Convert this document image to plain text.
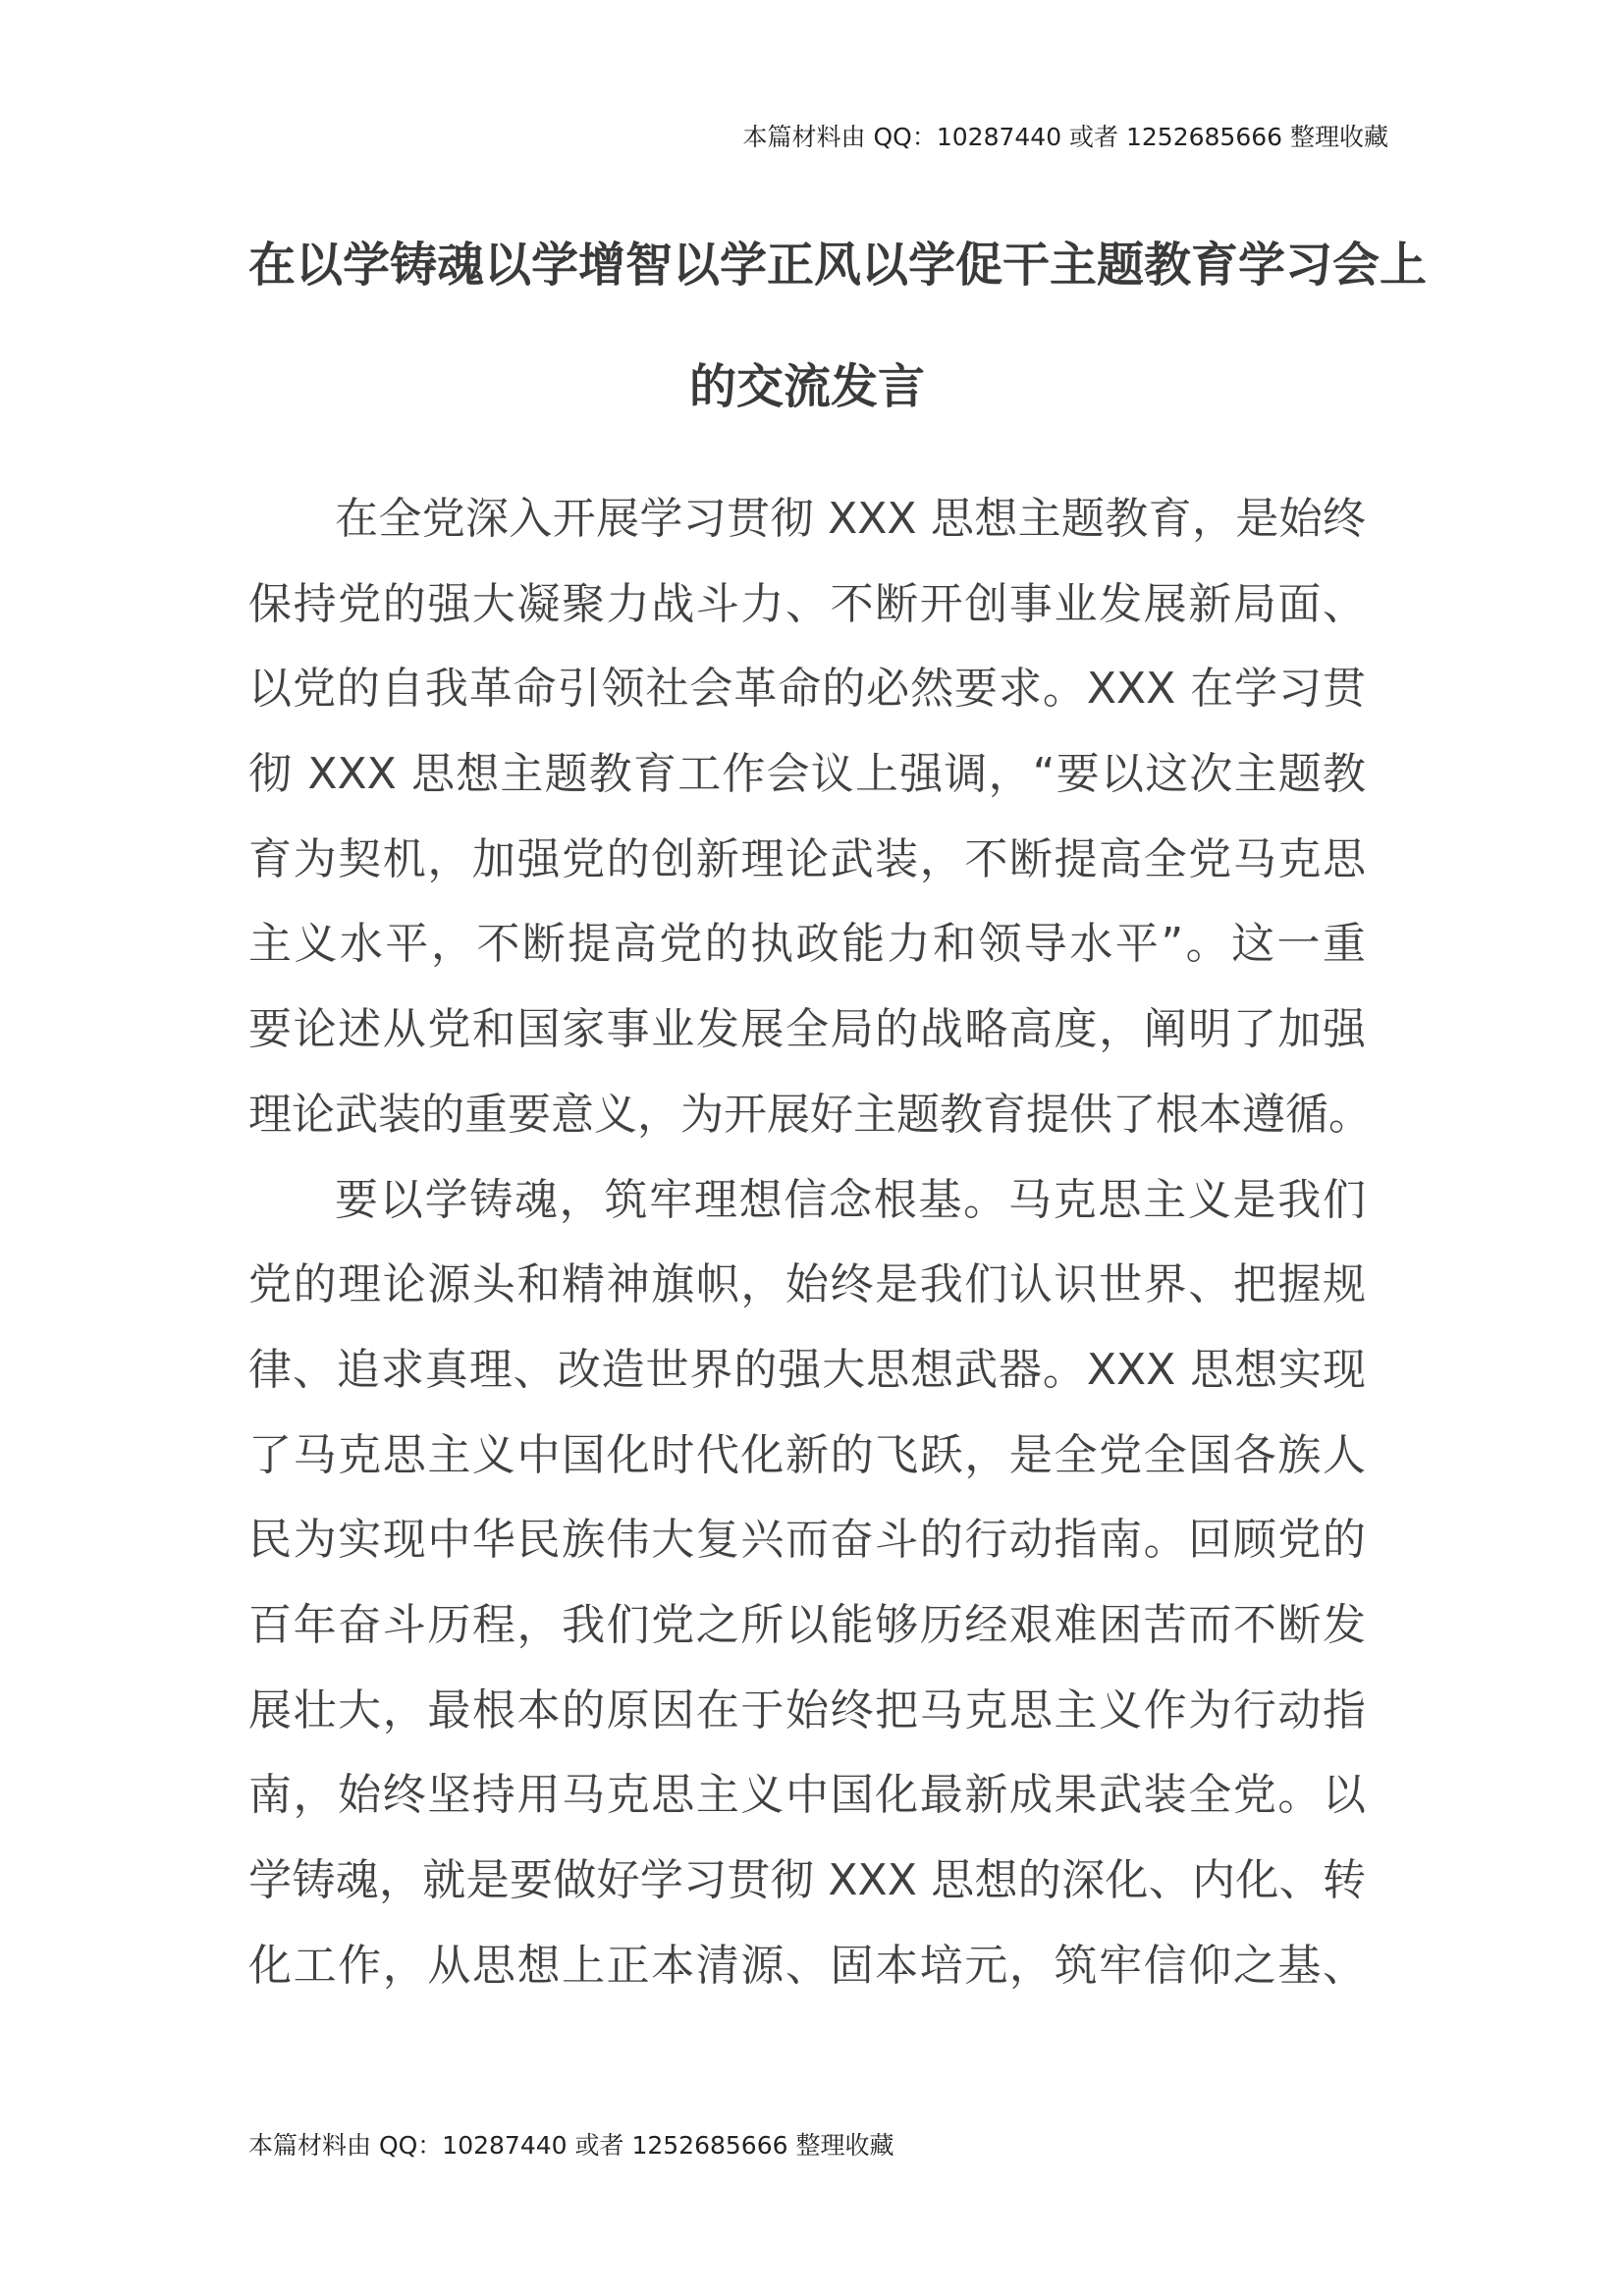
本篇材料由 QQ：10287440 或者 1252685666 整理收藏
在以学铸魂以学增智以学正风以学促干主题教育学习会上
的交流发言
在全党深入开展学习贯彻 XXX 思想主题教育，是始终
保持党的强大凝聚力战斗力、不断开创事业发展新局面、
以党的自我革命引领社会革命的必然要求。XXX 在学习贯
彻 XXX 思想主题教育工作会议上强调，“要以这次主题教
育为契机，加强党的创新理论武装，不断提高全党马克思
主义水平，不断提高党的执政能力和领导水平”。这一重
要论述从党和国家事业发展全局的战略高度，阐明了加强
理论武装的重要意义，为开展好主题教育提供了根本遵循。
要以学铸魂，筑牢理想信念根基。马克思主义是我们
党的理论源头和精神旗帜，始终是我们认识世界、把握规
律、追求真理、改造世界的强大思想武器。XXX 思想实现
了马克思主义中国化时代化新的飞跃，是全党全国各族人
民为实现中华民族伟大复兴而奋斗的行动指南。回顾党的
百年奋斗历程，我们党之所以能够历经艰难困苦而不断发
展壮大，最根本的原因在于始终把马克思主义作为行动指
南，始终坚持用马克思主义中国化最新成果武装全党。以
学铸魂，就是要做好学习贯彻 XXX 思想的深化、内化、转
化工作，从思想上正本清源、固本培元，筑牢信仰之基、
本篇材料由 QQ：10287440 或者 1252685666 整理收藏
